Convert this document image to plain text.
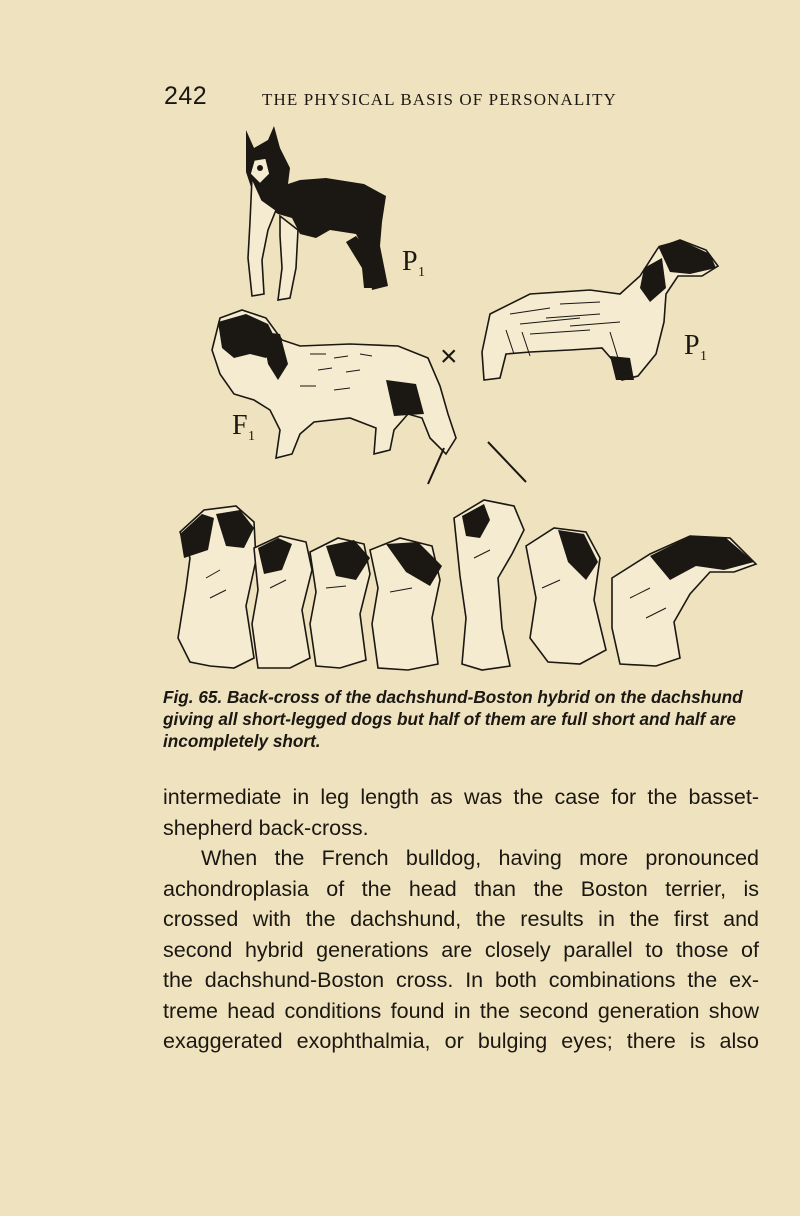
242	THE PHYSICAL BASIS OF PERSONALITY
P 1
F 1
×	P 1
Fig. 65. Back-cross of the dachshund-Boston hybrid on the dachshund giving all short-legged dogs but half of them are full short and half are incompletely short.

intermediate in leg length as was the case for the basset-
shepherd back-cross.

When the French bulldog, having more pronounced
achondroplasia of the head than the Boston terrier, is
crossed with the dachshund, the results in the first and
second hybrid generations are closely parallel to those of
the dachshund-Boston cross. In both combinations the ex-
treme head conditions found in the second generation show
exaggerated exophthalmia, or bulging eyes; there is also
